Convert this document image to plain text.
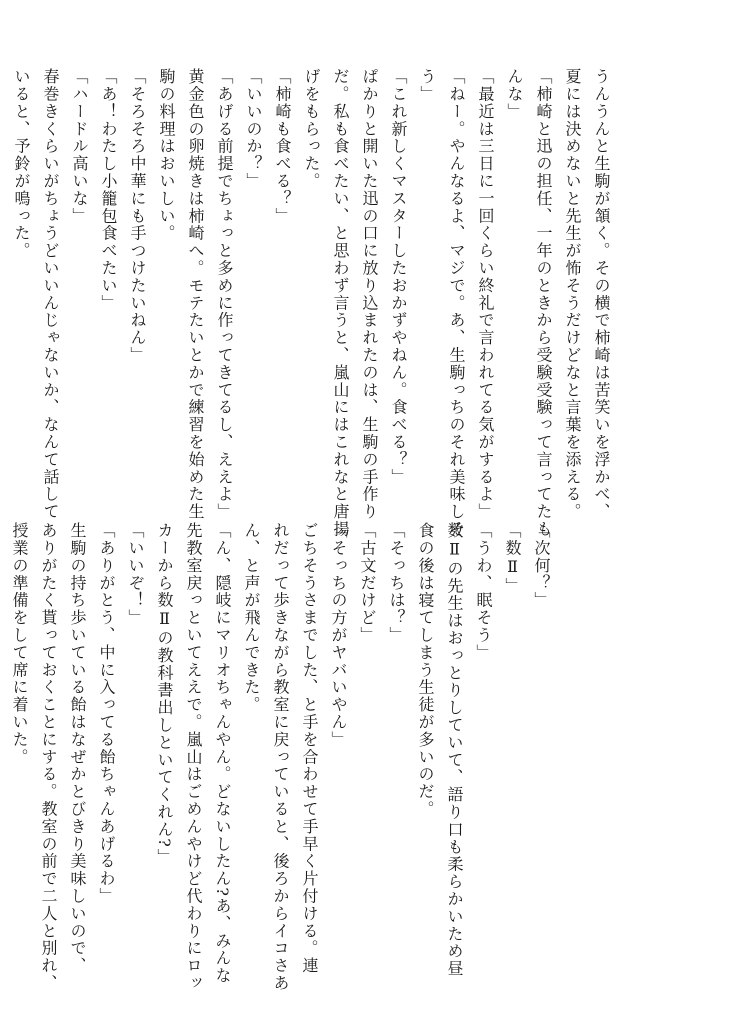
うんうんと生駒が頷く。その横で柿崎は苦笑いを浮かべ、
夏には決めないと先生が怖そうだけどなと言葉を添える。
「柿崎と迅の担任、一年のときから受験受験って言ってたも
んな」
「最近は三日に一回くらい終礼で言われてる気がするよ」
「ねー。やんなるよ、マジで。あ、生駒っちのそれ美味しそ
う」
「これ新しくマスターしたおかずやねん。食べる？」
ぱかりと開いた迅の口に放り込まれたのは、生駒の手作り
だ。私も食べたい、と思わず言うと、嵐山にはこれなと唐揚
げをもらった。
「柿崎も食べる？」
「いいのか？」
「あげる前提でちょっと多めに作ってきてるし、ええよ」
黄金色の卵焼きは柿崎へ。モテたいとかで練習を始めた生
駒の料理はおいしい。
「そろそろ中華にも手つけたいねん」
「あ！わたし小籠包食べたい」
「ハードル高いな」
春巻きくらいがちょうどいいんじゃないか、なんて話して
いると、予鈴が鳴った。
「次何？」
「数Ⅱ」
「うわ、眠そう」
数Ⅱの先生はおっとりしていて、語り口も柔らかいため昼
食の後は寝てしまう生徒が多いのだ。
「そっちは？」
「古文だけど」
「そっちの方がヤバいやん」
ごちそうさまでした、と手を合わせて手早く片付ける。連
れだって歩きながら教室に戻っていると、後ろからイコさあ
ん、と声が飛んできた。
「ん、隠岐にマリオちゃんやん。どないしたん?あ、みんな
先教室戻っといてええで。嵐山はごめんやけど代わりにロッ
カーから数Ⅱの教科書出しといてくれん?」
「いいぞ！」
「ありがとう、中に入ってる飴ちゃんあげるわ」
生駒の持ち歩いている飴はなぜかとびきり美味しいので、
ありがたく貰っておくことにする。教室の前で二人と別れ、
授業の準備をして席に着いた。
